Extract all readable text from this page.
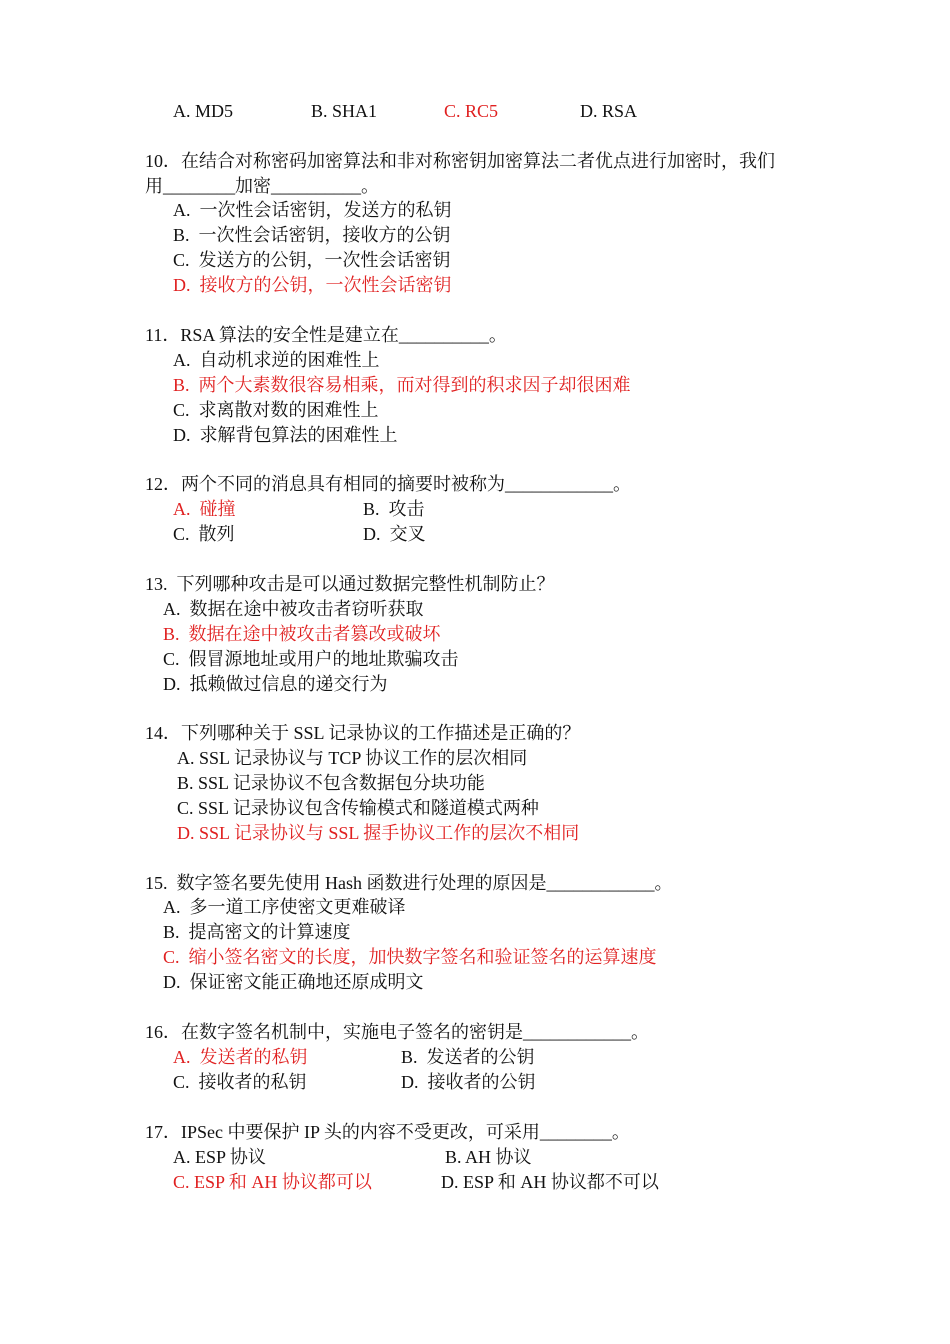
A. MD5	B. SHA1	C. RC5	D. RSA
10．在结合对称密码加密算法和非对称密钥加密算法二者优点进行加密时，我们
用________加密__________。
A.  一次性会话密钥，发送方的私钥
B.  一次性会话密钥，接收方的公钥
C.  发送方的公钥，一次性会话密钥
D.  接收方的公钥，一次性会话密钥
11．RSA 算法的安全性是建立在__________。
A.  自动机求逆的困难性上
B.  两个大素数很容易相乘，而对得到的积求因子却很困难
C.  求离散对数的困难性上
D.  求解背包算法的困难性上
12．两个不同的消息具有相同的摘要时被称为____________。
A.  碰撞	B.  攻击
C.  散列	D.  交叉
13.  下列哪种攻击是可以通过数据完整性机制防止？
A.  数据在途中被攻击者窃听获取
B.  数据在途中被攻击者篡改或破坏
C.  假冒源地址或用户的地址欺骗攻击
D.  抵赖做过信息的递交行为
14．下列哪种关于 SSL 记录协议的工作描述是正确的？
A. SSL 记录协议与 TCP 协议工作的层次相同
B. SSL 记录协议不包含数据包分块功能
C. SSL 记录协议包含传输模式和隧道模式两种
D. SSL 记录协议与 SSL 握手协议工作的层次不相同
15.  数字签名要先使用 Hash 函数进行处理的原因是____________。
A.  多一道工序使密文更难破译
B.  提高密文的计算速度
C.  缩小签名密文的长度，加快数字签名和验证签名的运算速度
D.  保证密文能正确地还原成明文
16．在数字签名机制中，实施电子签名的密钥是____________。
A.  发送者的私钥	B.  发送者的公钥
C.  接收者的私钥	D.  接收者的公钥
17．IPSec 中要保护 IP 头的内容不受更改，可采用________。
A. ESP 协议	B. AH 协议
C. ESP 和 AH 协议都可以	D. ESP 和 AH 协议都不可以
